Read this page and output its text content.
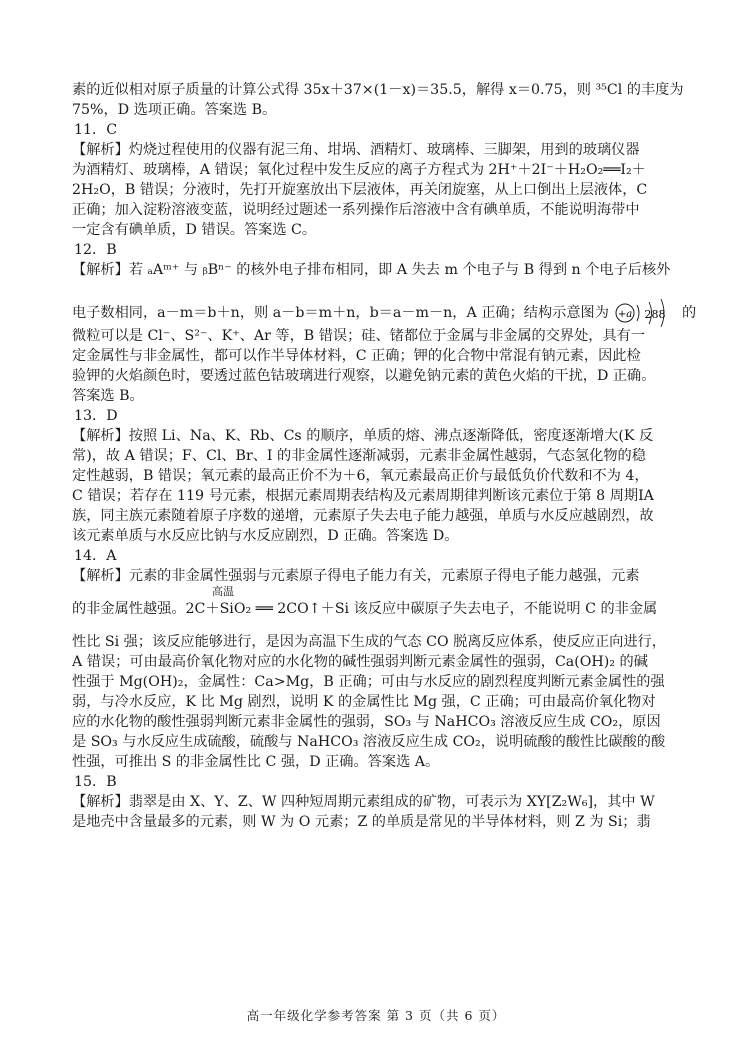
素的近似相对原子质量的计算公式得 35x＋37×(1－x)＝35.5，解得 x＝0.75，则 ³⁵Cl 的丰度为
75%，D 选项正确。答案选 B。
11．C
【解析】灼烧过程使用的仪器有泥三角、坩埚、酒精灯、玻璃棒、三脚架，用到的玻璃仪器
为酒精灯、玻璃棒，A 错误；氧化过程中发生反应的离子方程式为 2H⁺＋2I⁻＋H₂O₂══I₂＋
2H₂O，B 错误；分液时，先打开旋塞放出下层液体，再关闭旋塞，从上口倒出上层液体，C
正确；加入淀粉溶液变蓝，说明经过题述一系列操作后溶液中含有碘单质，不能说明海带中
一定含有碘单质，D 错误。答案选 C。
12．B
【解析】若 ₐAᵐ⁺ 与 ᵦBⁿ⁻ 的核外电子排布相同，即 A 失去 m 个电子与 B 得到 n 个电子后核外
电子数相同，a－m＝b＋n，则 a－b＝m＋n，b＝a－m－n，A 正确；结构示意图为 +a 288 的
微粒可以是 Cl⁻、S²⁻、K⁺、Ar 等，B 错误；硅、锗都位于金属与非金属的交界处，具有一
定金属性与非金属性，都可以作半导体材料，C 正确；钾的化合物中常混有钠元素，因此检
验钾的火焰颜色时，要透过蓝色钴玻璃进行观察，以避免钠元素的黄色火焰的干扰，D 正确。
答案选 B。
13．D
【解析】按照 Li、Na、K、Rb、Cs 的顺序，单质的熔、沸点逐渐降低，密度逐渐增大(K 反
常)，故 A 错误；F、Cl、Br、I 的非金属性逐渐减弱，元素非金属性越弱，气态氢化物的稳
定性越弱，B 错误；氧元素的最高正价不为＋6，氧元素最高正价与最低负价代数和不为 4，
C 错误；若存在 119 号元素，根据元素周期表结构及元素周期律判断该元素位于第 8 周期ⅠA
族，同主族元素随着原子序数的递增，元素原子失去电子能力越强，单质与水反应越剧烈，故
该元素单质与水反应比钠与水反应剧烈，D 正确。答案选 D。
14．A
【解析】元素的非金属性强弱与元素原子得电子能力有关，元素原子得电子能力越强，元素
高温
的非金属性越强。2C＋SiO₂ ══ 2CO↑＋Si 该反应中碳原子失去电子，不能说明 C 的非金属
性比 Si 强；该反应能够进行，是因为高温下生成的气态 CO 脱离反应体系，使反应正向进行，
A 错误；可由最高价氧化物对应的水化物的碱性强弱判断元素金属性的强弱，Ca(OH)₂ 的碱
性强于 Mg(OH)₂，金属性：Ca>Mg，B 正确；可由与水反应的剧烈程度判断元素金属性的强
弱，与冷水反应，K 比 Mg 剧烈，说明 K 的金属性比 Mg 强，C 正确；可由最高价氧化物对
应的水化物的酸性强弱判断元素非金属性的强弱，SO₃ 与 NaHCO₃ 溶液反应生成 CO₂，原因
是 SO₃ 与水反应生成硫酸，硫酸与 NaHCO₃ 溶液反应生成 CO₂，说明硫酸的酸性比碳酸的酸
性强，可推出 S 的非金属性比 C 强，D 正确。答案选 A。
15．B
【解析】翡翠是由 X、Y、Z、W 四种短周期元素组成的矿物，可表示为 XY[Z₂W₆]，其中 W
是地壳中含量最多的元素，则 W 为 O 元素；Z 的单质是常见的半导体材料，则 Z 为 Si；翡
高一年级化学参考答案 第 3 页（共 6 页）
